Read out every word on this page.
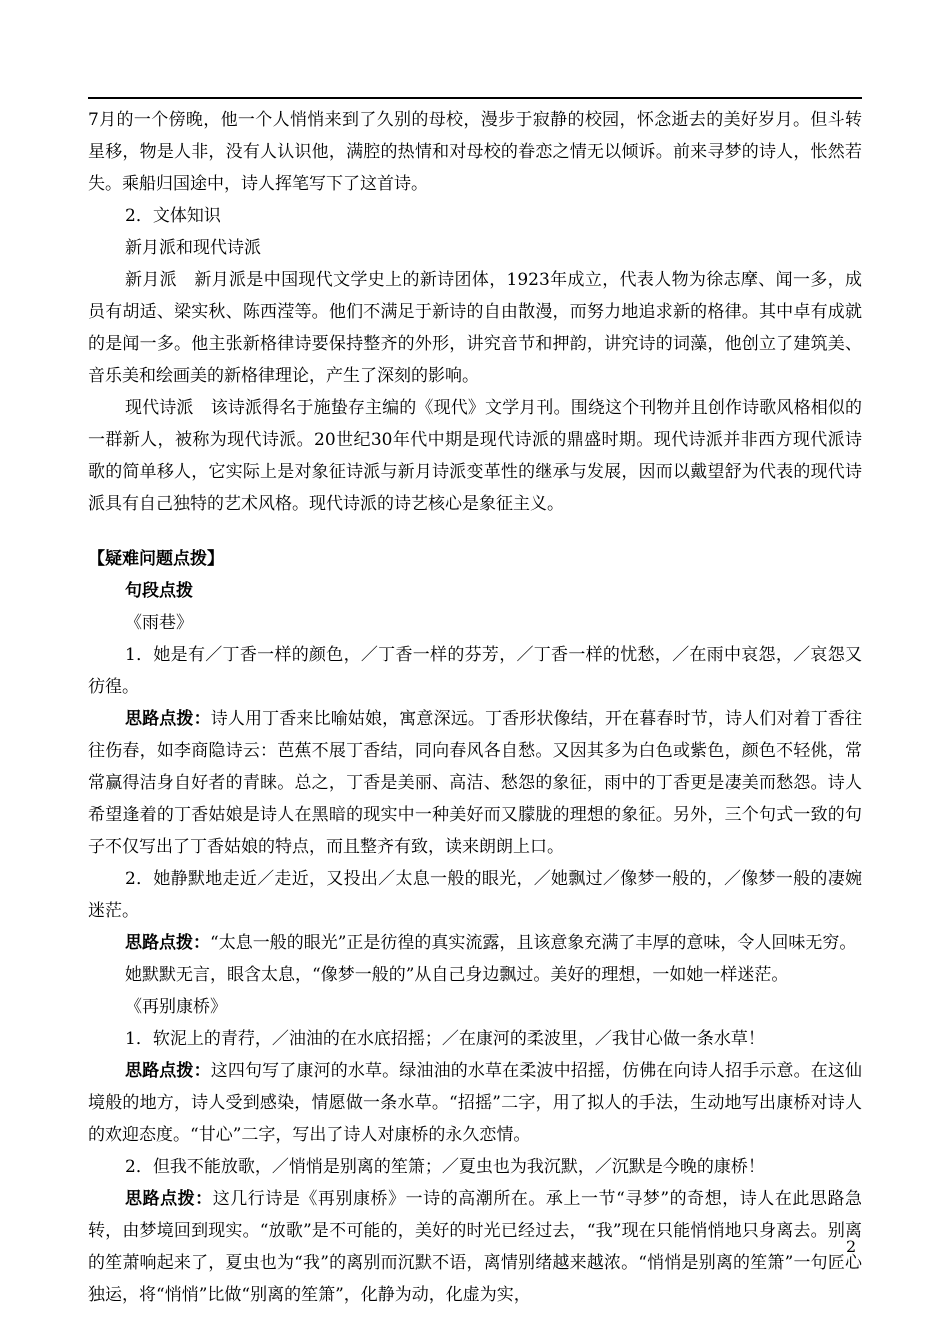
7月的一个傍晚，他一个人悄悄来到了久别的母校，漫步于寂静的校园，怀念逝去的美好岁月。但斗转星移，物是人非，没有人认识他，满腔的热情和对母校的眷恋之情无以倾诉。前来寻梦的诗人，怅然若失。乘船归国途中，诗人挥笔写下了这首诗。

2．文体知识

新月派和现代诗派

新月派　新月派是中国现代文学史上的新诗团体，1923年成立，代表人物为徐志摩、闻一多，成员有胡适、梁实秋、陈西滢等。他们不满足于新诗的自由散漫，而努力地追求新的格律。其中卓有成就的是闻一多。他主张新格律诗要保持整齐的外形，讲究音节和押韵，讲究诗的词藻，他创立了建筑美、音乐美和绘画美的新格律理论，产生了深刻的影响。

现代诗派　该诗派得名于施蛰存主编的《现代》文学月刊。围绕这个刊物并且创作诗歌风格相似的一群新人，被称为现代诗派。20世纪30年代中期是现代诗派的鼎盛时期。现代诗派并非西方现代派诗歌的简单移人，它实际上是对象征诗派与新月诗派变革性的继承与发展，因而以戴望舒为代表的现代诗派具有自己独特的艺术风格。现代诗派的诗艺核心是象征主义。

【疑难问题点拨】

句段点拨

《雨巷》

1．她是有／丁香一样的颜色，／丁香一样的芬芳，／丁香一样的忧愁，／在雨中哀怨，／哀怨又彷徨。

思路点拨：诗人用丁香来比喻姑娘，寓意深远。丁香形状像结，开在暮春时节，诗人们对着丁香往往伤春，如李商隐诗云：芭蕉不展丁香结，同向春风各自愁。又因其多为白色或紫色，颜色不轻佻，常常赢得洁身自好者的青睐。总之，丁香是美丽、高洁、愁怨的象征，雨中的丁香更是凄美而愁怨。诗人希望逢着的丁香姑娘是诗人在黑暗的现实中一种美好而又朦胧的理想的象征。另外，三个句式一致的句子不仅写出了丁香姑娘的特点，而且整齐有致，读来朗朗上口。

2．她静默地走近／走近，又投出／太息一般的眼光，／她飘过／像梦一般的，／像梦一般的凄婉迷茫。

思路点拨：“太息一般的眼光”正是彷徨的真实流露，且该意象充满了丰厚的意味，令人回味无穷。

她默默无言，眼含太息，“像梦一般的”从自己身边飘过。美好的理想，一如她一样迷茫。

《再别康桥》

1．软泥上的青荇，／油油的在水底招摇；／在康河的柔波里，／我甘心做一条水草！

思路点拨：这四句写了康河的水草。绿油油的水草在柔波中招摇，仿佛在向诗人招手示意。在这仙境般的地方，诗人受到感染，情愿做一条水草。“招摇”二字，用了拟人的手法，生动地写出康桥对诗人的欢迎态度。“甘心”二字，写出了诗人对康桥的永久恋情。

2．但我不能放歌，／悄悄是别离的笙箫；／夏虫也为我沉默，／沉默是今晚的康桥！

思路点拨：这几行诗是《再别康桥》一诗的高潮所在。承上一节“寻梦”的奇想，诗人在此思路急转，由梦境回到现实。“放歌”是不可能的，美好的时光已经过去，“我”现在只能悄悄地只身离去。别离的笙萧响起来了，夏虫也为“我”的离别而沉默不语，离情别绪越来越浓。“悄悄是别离的笙箫”一句匠心独运，将“悄悄”比做“别离的笙箫”，化静为动，化虚为实，

2
